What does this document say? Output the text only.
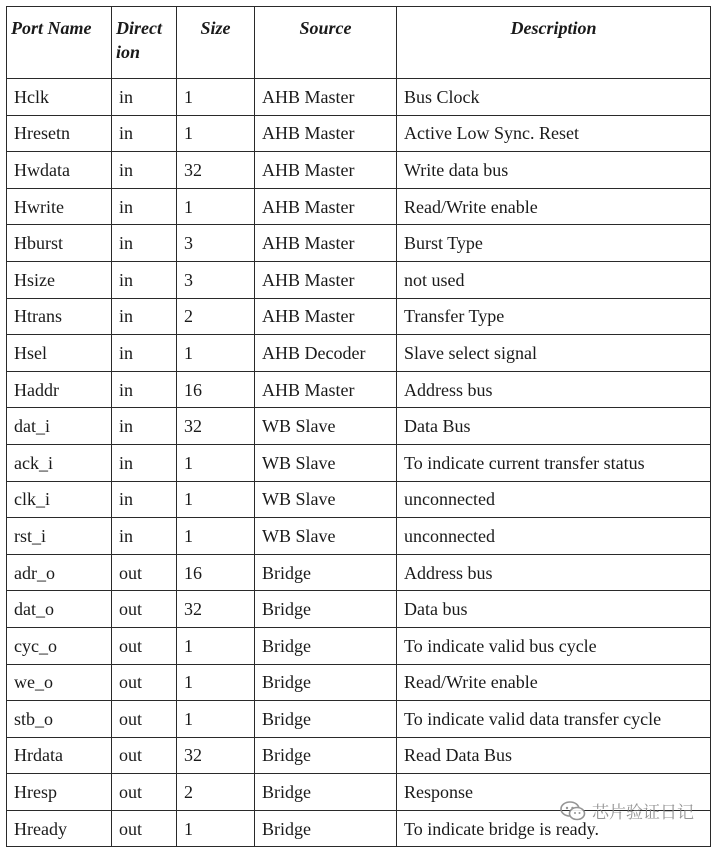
Port Name	Direct ion	Size	Source	Description
Hclk	in	1	AHB Master	Bus Clock
Hresetn	in	1	AHB Master	Active Low Sync. Reset
Hwdata	in	32	AHB Master	Write data bus
Hwrite	in	1	AHB Master	Read/Write enable
Hburst	in	3	AHB Master	Burst Type
Hsize	in	3	AHB Master	not used
Htrans	in	2	AHB Master	Transfer Type
Hsel	in	1	AHB Decoder	Slave select signal
Haddr	in	16	AHB Master	Address bus
dat_i	in	32	WB Slave	Data Bus
ack_i	in	1	WB Slave	To indicate current transfer status
clk_i	in	1	WB Slave	unconnected
rst_i	in	1	WB Slave	unconnected
adr_o	out	16	Bridge	Address bus
dat_o	out	32	Bridge	Data bus
cyc_o	out	1	Bridge	To indicate valid bus cycle
we_o	out	1	Bridge	Read/Write enable
stb_o	out	1	Bridge	To indicate valid data transfer cycle
Hrdata	out	32	Bridge	Read Data Bus
Hresp	out	2	Bridge	Response
Hready	out	1	Bridge	To indicate bridge is ready.
芯片验证日记
